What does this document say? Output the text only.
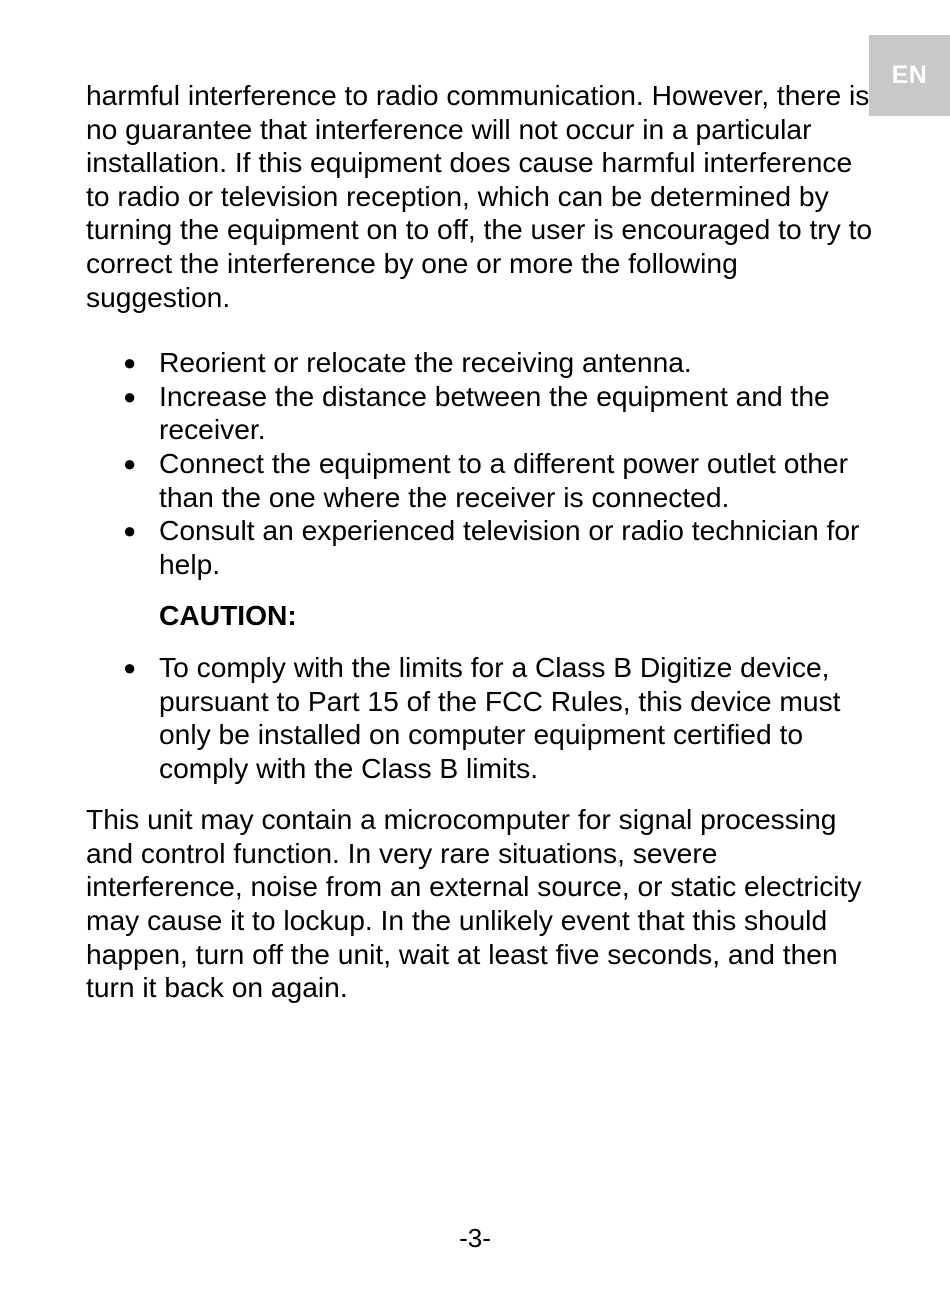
EN

harmful interference to radio communication. However, there is no guarantee that interference will not occur in a particular installation. If this equipment does cause harmful interference to radio or television reception, which can be determined by turning the equipment on to off, the user is encouraged to try to correct the interference by one or more the following suggestion.

● Reorient or relocate the receiving antenna.
● Increase the distance between the equipment and the receiver.
● Connect the equipment to a different power outlet other than the one where the receiver is connected.
● Consult an experienced television or radio technician for help.

CAUTION:

● To comply with the limits for a Class B Digitize device, pursuant to Part 15 of the FCC Rules, this device must only be installed on computer equipment certified to comply with the Class B limits.

This unit may contain a microcomputer for signal processing and control function. In very rare situations, severe interference, noise from an external source, or static electricity may cause it to lockup. In the unlikely event that this should happen, turn off the unit, wait at least five seconds, and then turn it back on again.

-3-
